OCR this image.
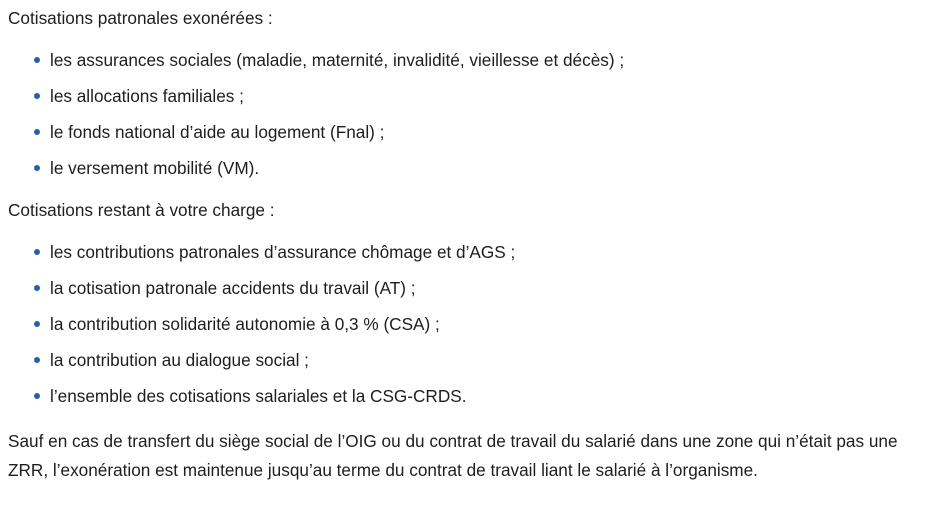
Cotisations patronales exonérées :

les assurances sociales (maladie, maternité, invalidité, vieillesse et décès) ;
les allocations familiales ;
le fonds national d’aide au logement (Fnal) ;
le versement mobilité (VM).

Cotisations restant à votre charge :

les contributions patronales d’assurance chômage et d’AGS ;
la cotisation patronale accidents du travail (AT) ;
la contribution solidarité autonomie à 0,3 % (CSA) ;
la contribution au dialogue social ;
l’ensemble des cotisations salariales et la CSG-CRDS.

Sauf en cas de transfert du siège social de l’OIG ou du contrat de travail du salarié dans une zone qui n’était pas une ZRR, l’exonération est maintenue jusqu’au terme du contrat de travail liant le salarié à l’organisme.
